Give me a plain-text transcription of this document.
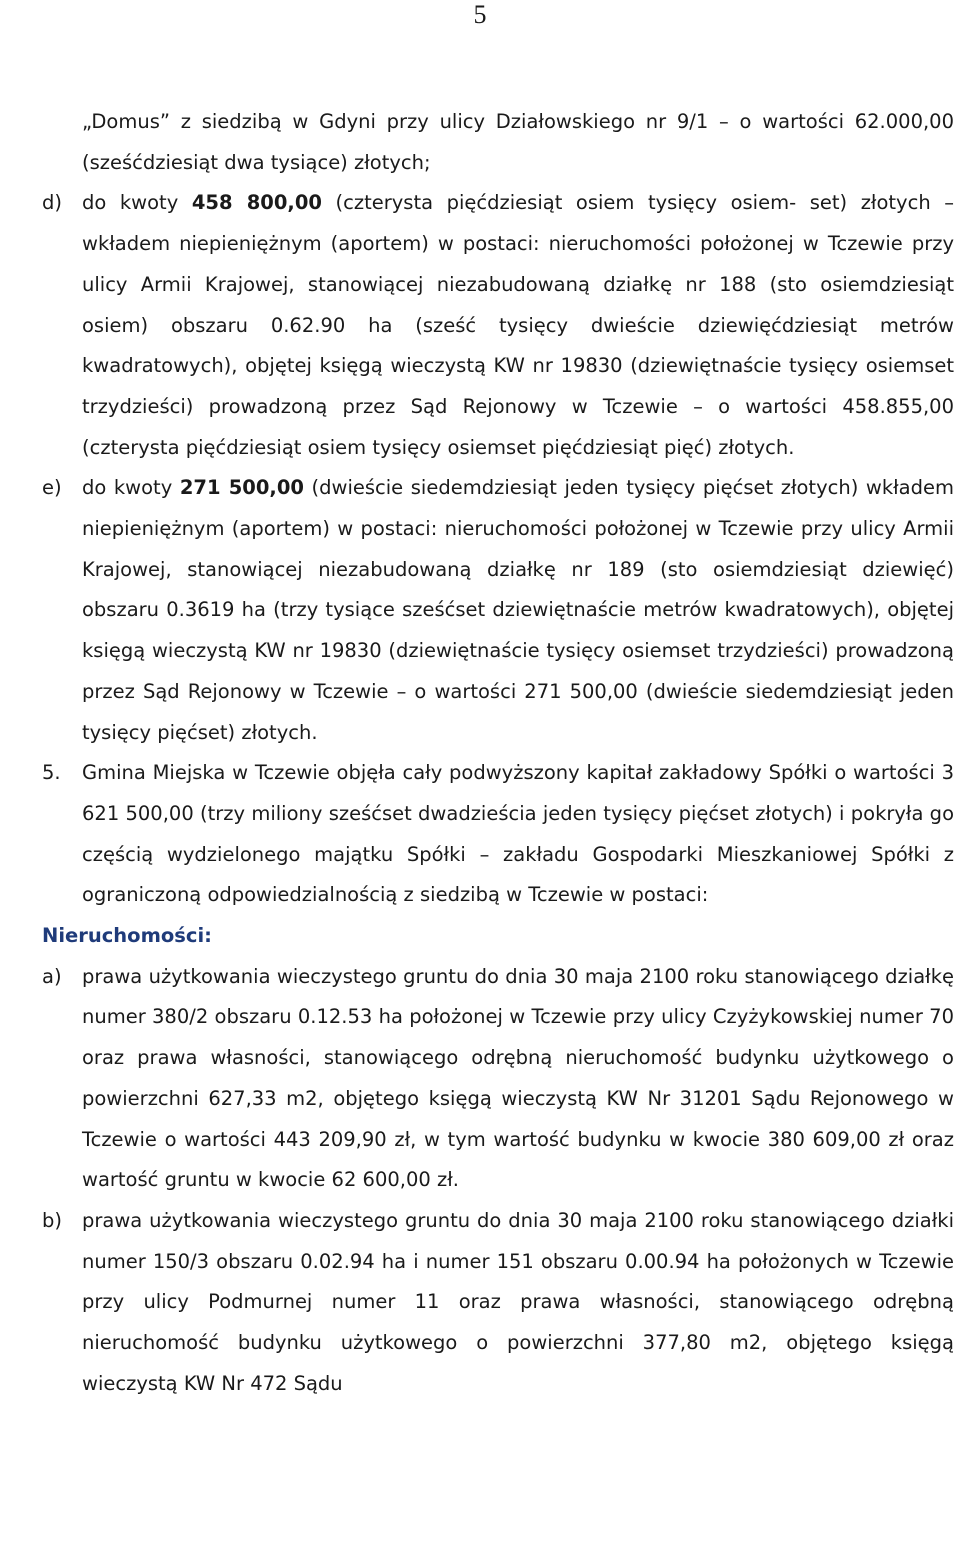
5

„Domus” z siedzibą w Gdyni przy ulicy Działowskiego nr 9/1 – o wartości 62.000,00 (sześćdziesiąt dwa tysiące) złotych;

d)	do kwoty 458 800,00 (czterysta pięćdziesiąt osiem tysięcy osiem- set) złotych – wkładem niepieniężnym (aportem) w postaci: nieruchomości położonej w Tczewie przy ulicy Armii Krajowej, stanowiącej niezabudowaną działkę nr 188 (sto osiemdziesiąt osiem) obszaru 0.62.90 ha (sześć tysięcy dwieście dziewięćdziesiąt metrów kwadratowych), objętej księgą wieczystą KW nr 19830 (dziewiętnaście tysięcy osiemset trzydzieści) prowadzoną przez Sąd Rejonowy w Tczewie – o wartości 458.855,00 (czterysta pięćdziesiąt osiem tysięcy osiemset pięćdziesiąt pięć) złotych.
e)	do kwoty 271 500,00 (dwieście siedemdziesiąt jeden tysięcy pięćset złotych) wkładem niepieniężnym (aportem) w postaci: nieruchomości położonej w Tczewie przy ulicy Armii Krajowej, stanowiącej niezabudowaną działkę nr 189 (sto osiemdziesiąt dziewięć) obszaru 0.3619 ha (trzy tysiące sześćset dziewiętnaście metrów kwadratowych), objętej księgą wieczystą KW nr 19830 (dziewiętnaście tysięcy osiemset trzydzieści) prowadzoną przez Sąd Rejonowy w Tczewie – o wartości 271 500,00 (dwieście siedemdziesiąt jeden tysięcy pięćset) złotych.
5.	Gmina Miejska w Tczewie objęła cały podwyższony kapitał zakładowy Spółki o wartości 3 621 500,00 (trzy miliony sześćset dwadzieścia jeden tysięcy pięćset złotych) i pokryła go częścią wydzielonego majątku Spółki – zakładu Gospodarki Mieszkaniowej Spółki z ograniczoną odpowiedzialnością z siedzibą w Tczewie w postaci:
Nieruchomości:
a)	prawa użytkowania wieczystego gruntu do dnia 30 maja 2100 roku stanowiącego działkę numer 380/2 obszaru 0.12.53 ha położonej w Tczewie przy ulicy Czyżykowskiej numer 70 oraz prawa własności, stanowiącego odrębną nieruchomość budynku użytkowego o powierzchni 627,33 m2, objętego księgą wieczystą KW Nr 31201 Sądu Rejonowego w Tczewie o wartości 443 209,90 zł, w tym wartość budynku w kwocie 380 609,00 zł oraz wartość gruntu w kwocie 62 600,00 zł.
b)	prawa użytkowania wieczystego gruntu do dnia 30 maja 2100 roku stanowiącego działki numer 150/3 obszaru 0.02.94 ha i numer 151 obszaru 0.00.94 ha położonych w Tczewie przy ulicy Podmurnej numer 11 oraz prawa własności, stanowiącego odrębną nieruchomość budynku użytkowego o powierzchni 377,80 m2, objętego księgą wieczystą KW Nr 472 Sądu
